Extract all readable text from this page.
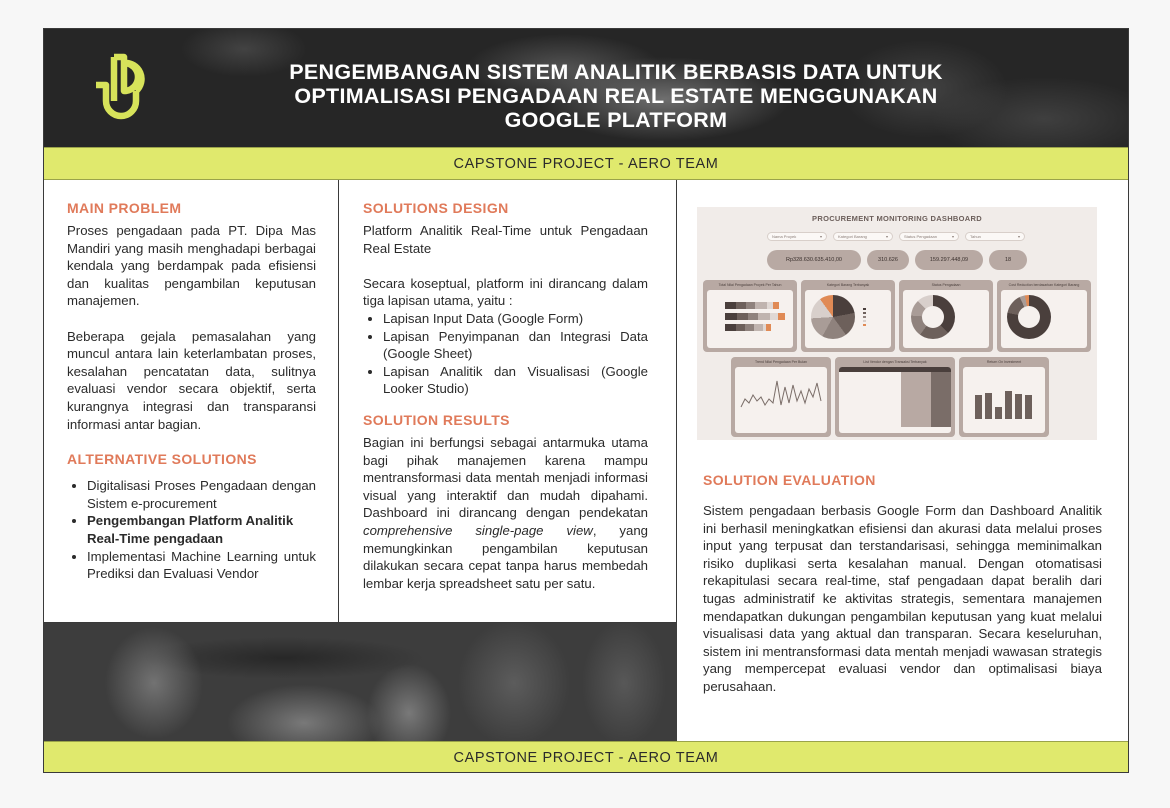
PENGEMBANGAN SISTEM ANALITIK BERBASIS DATA UNTUK
OPTIMALISASI PENGADAAN REAL ESTATE MENGGUNAKAN
GOOGLE PLATFORM
CAPSTONE PROJECT - AERO TEAM
MAIN PROBLEM

Proses pengadaan pada PT. Dipa Mas Mandiri yang masih menghadapi berbagai kendala yang berdampak pada efisiensi dan kualitas pengambilan keputusan manajemen.

Beberapa gejala pemasalahan yang muncul antara lain keterlambatan proses, kesalahan pencatatan data, sulitnya evaluasi vendor secara objektif, serta kurangnya integrasi dan transparansi informasi antar bagian.

ALTERNATIVE SOLUTIONS
• Digitalisasi Proses Pengadaan dengan Sistem e-procurement
• Pengembangan Platform Analitik Real-Time pengadaan
• Implementasi Machine Learning untuk Prediksi dan Evaluasi Vendor
SOLUTIONS DESIGN

Platform Analitik Real-Time untuk Pengadaan Real Estate

Secara koseptual, platform ini dirancang dalam tiga lapisan utama, yaitu :

• Lapisan Input Data (Google Form)
• Lapisan Penyimpanan dan Integrasi Data (Google Sheet)
• Lapisan Analitik dan Visualisasi (Google Looker Studio)
SOLUTION RESULTS

Bagian ini berfungsi sebagai antarmuka utama bagi pihak manajemen karena mampu mentransformasi data mentah menjadi informasi visual yang interaktif dan mudah dipahami. Dashboard ini dirancang dengan pendekatan comprehensive single-page view, yang memungkinkan pengambilan keputusan dilakukan secara cepat tanpa harus membedah lembar kerja spreadsheet satu per satu.

PROCUREMENT MONITORING DASHBOARD
Nama Proyek	▾	Kategori Barang	▾	Status Pengadaan	▾	Tahun	▾
Rp328.630.635.410,00	310.626	159.297.448,09	18
Total Nilai Pengadaan Proyek Per Tahun	Kategori Barang Terbanyak	Status Pengadaan	Cost Reduction berdasarkan Kategori Barang
Trend Nilai Pengadaan Per Bulan	List Vendor dengan Transaksi Terbanyak	Return On Investment
SOLUTION EVALUATION

Sistem pengadaan berbasis Google Form dan Dashboard Analitik ini berhasil meningkatkan efisiensi dan akurasi data melalui proses input yang terpusat dan terstandarisasi, sehingga meminimalkan risiko duplikasi serta kesalahan manual. Dengan otomatisasi rekapitulasi secara real-time, staf pengadaan dapat beralih dari tugas administratif ke aktivitas strategis, sementara manajemen mendapatkan dukungan pengambilan keputusan yang kuat melalui visualisasi data yang aktual dan transparan. Secara keseluruhan, sistem ini mentransformasi data mentah menjadi wawasan strategis yang mempercepat evaluasi vendor dan optimalisasi biaya perusahaan.

CAPSTONE PROJECT - AERO TEAM
